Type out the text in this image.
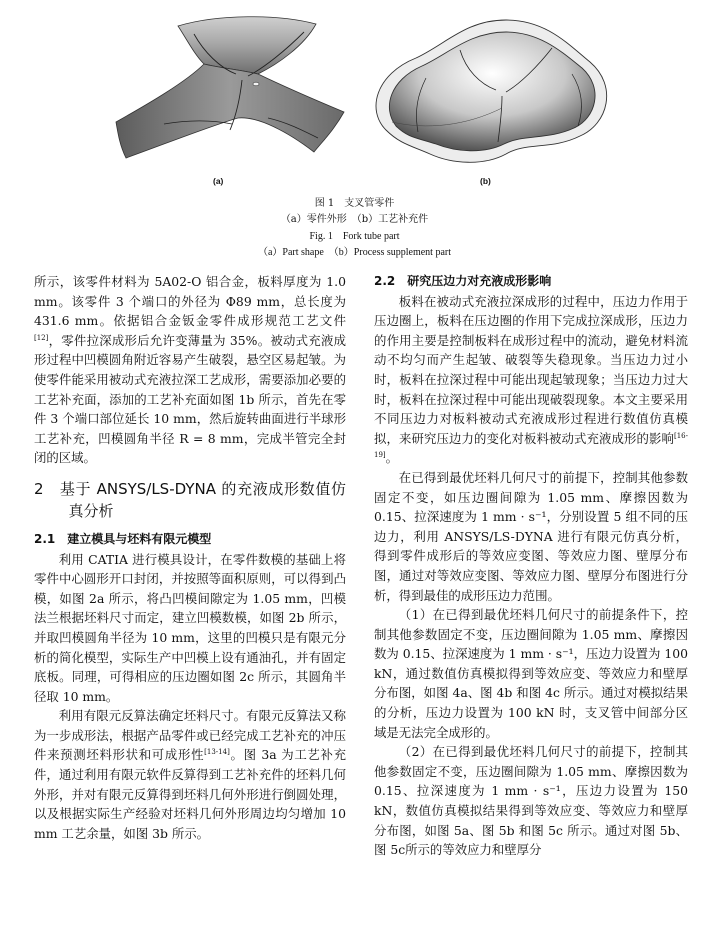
(a)	(b)
图 1　支叉管零件
（a）零件外形　（b）工艺补充件
Fig. 1　Fork tube part
（a）Part shape　（b）Process supplement part

所示，该零件材料为 5A02-O 铝合金，板料厚度为 1.0 mm。该零件 3 个端口的外径为 Φ89 mm，总长度为 431.6 mm。依据铝合金钣金零件成形规范工艺文件[12]，零件拉深成形后允许变薄量为 35%。被动式充液成形过程中凹模圆角附近容易产生破裂，悬空区易起皱。为使零件能采用被动式充液拉深工艺成形，需要添加必要的工艺补充面，添加的工艺补充面如图 1b 所示，首先在零件 3 个端口部位延长 10 mm，然后旋转曲面进行半球形工艺补充，凹模圆角半径 R = 8 mm，完成半管完全封闭的区域。

2　基于 ANSYS/LS-DYNA 的充液成形数值仿真分析
2.1　建立模具与坯料有限元模型

利用 CATIA 进行模具设计，在零件数模的基础上将零件中心圆形开口封闭，并按照等面积原则，可以得到凸模，如图 2a 所示，将凸凹模间隙定为 1.05 mm，凹模法兰根据坯料尺寸而定，建立凹模数模，如图 2b 所示，并取凹模圆角半径为 10 mm，这里的凹模只是有限元分析的简化模型，实际生产中凹模上设有通油孔，并有固定底板。同理，可得相应的压边圈如图 2c 所示，其圆角半径取 10 mm。

利用有限元反算法确定坯料尺寸。有限元反算法又称为一步成形法，根据产品零件或已经完成工艺补充的冲压件来预测坯料形状和可成形性[13-14]。图 3a 为工艺补充件，通过利用有限元软件反算得到工艺补充件的坯料几何外形，并对有限元反算得到坯料几何外形进行倒圆处理，以及根据实际生产经验对坯料几何外形周边均匀增加 10 mm 工艺余量，如图 3b 所示。

2.2　研究压边力对充液成形影响

板料在被动式充液拉深成形的过程中，压边力作用于压边圈上，板料在压边圈的作用下完成拉深成形，压边力的作用主要是控制板料在成形过程中的流动，避免材料流动不均匀而产生起皱、破裂等失稳现象。当压边力过小时，板料在拉深过程中可能出现起皱现象；当压边力过大时，板料在拉深过程中可能出现破裂现象。本文主要采用不同压边力对板料被动式充液成形过程进行数值仿真模拟，来研究压边力的变化对板料被动式充液成形的影响[16-19]。

在已得到最优坯料几何尺寸的前提下，控制其他参数固定不变，如压边圈间隙为 1.05 mm、摩擦因数为 0.15、拉深速度为 1 mm · s⁻¹，分别设置 5 组不同的压边力，利用 ANSYS/LS-DYNA 进行有限元仿真分析，得到零件成形后的等效应变图、等效应力图、壁厚分布图，通过对等效应变图、等效应力图、壁厚分布图进行分析，得到最佳的成形压边力范围。

（1）在已得到最优坯料几何尺寸的前提条件下，控制其他参数固定不变，压边圈间隙为 1.05 mm、摩擦因数为 0.15、拉深速度为 1 mm · s⁻¹，压边力设置为 100 kN，通过数值仿真模拟得到等效应变、等效应力和壁厚分布图，如图 4a、图 4b 和图 4c 所示。通过对模拟结果的分析，压边力设置为 100 kN 时，支叉管中间部分区域是无法完全成形的。

（2）在已得到最优坯料几何尺寸的前提下，控制其他参数固定不变，压边圈间隙为 1.05 mm、摩擦因数为 0.15、拉深速度为 1 mm · s⁻¹，压边力设置为 150 kN，数值仿真模拟结果得到等效应变、等效应力和壁厚分布图，如图 5a、图 5b 和图 5c 所示。通过对图 5b、图 5c所示的等效应力和壁厚分
